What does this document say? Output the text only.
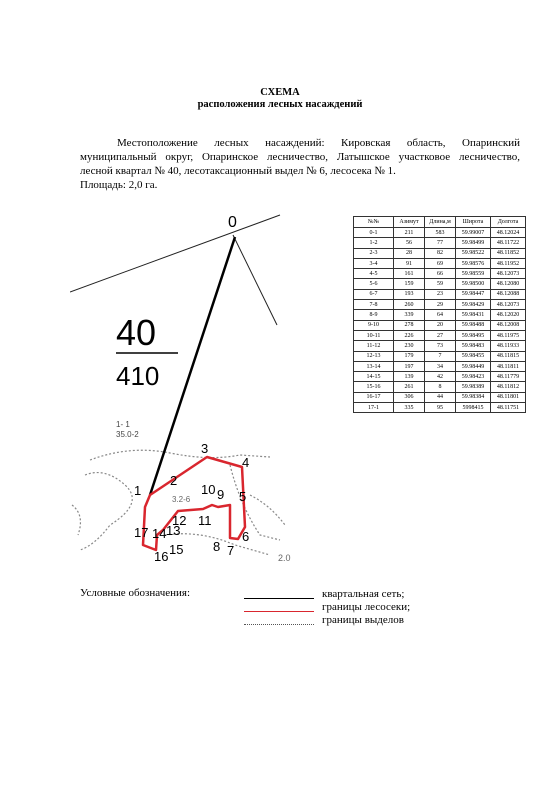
СХЕМА
расположения лесных насаждений
Местоположение лесных насаждений: Кировская область, Опаринский
муниципальный округ, Опаринское лесничество, Латышское участковое лесничество,
лесной квартал № 40, лесотаксационный выдел № 6, лесосека № 1.
Площадь: 2,0 га.
40
410
1- 1
35.0-2
3.2-6
2.0
0
1
2
3
4
5
6
7
8
9
10
11
12
13
14
15
16
17
№№	Азимут	Длина,м	Широта	Долгота
0-1	211	583	59.99007	48.12024
1-2	56	77	59.98499	48.11722
2-3	28	82	59.98522	48.11852
3-4	91	69	59.98576	48.11952
4-5	161	66	59.98559	48.12073
5-6	159	59	59.98500	48.12080
6-7	193	23	59.98447	48.12088
7-8	260	29	59.98429	48.12073
8-9	339	64	59.98431	48.12020
9-10	278	20	59.98488	48.12008
10-11	226	27	59.98495	48.11975
11-12	230	73	59.98483	48.11933
12-13	179	7	59.98455	48.11815
13-14	197	34	59.98449	48.11811
14-15	139	42	59.98423	48.11779
15-16	261	8	59.98389	48.11812
16-17	306	44	59.98384	48.11801
17-1	335	95	5998415	48.11751
Условные обозначения:	квартальная сеть;
границы лесосеки;
границы выделов
